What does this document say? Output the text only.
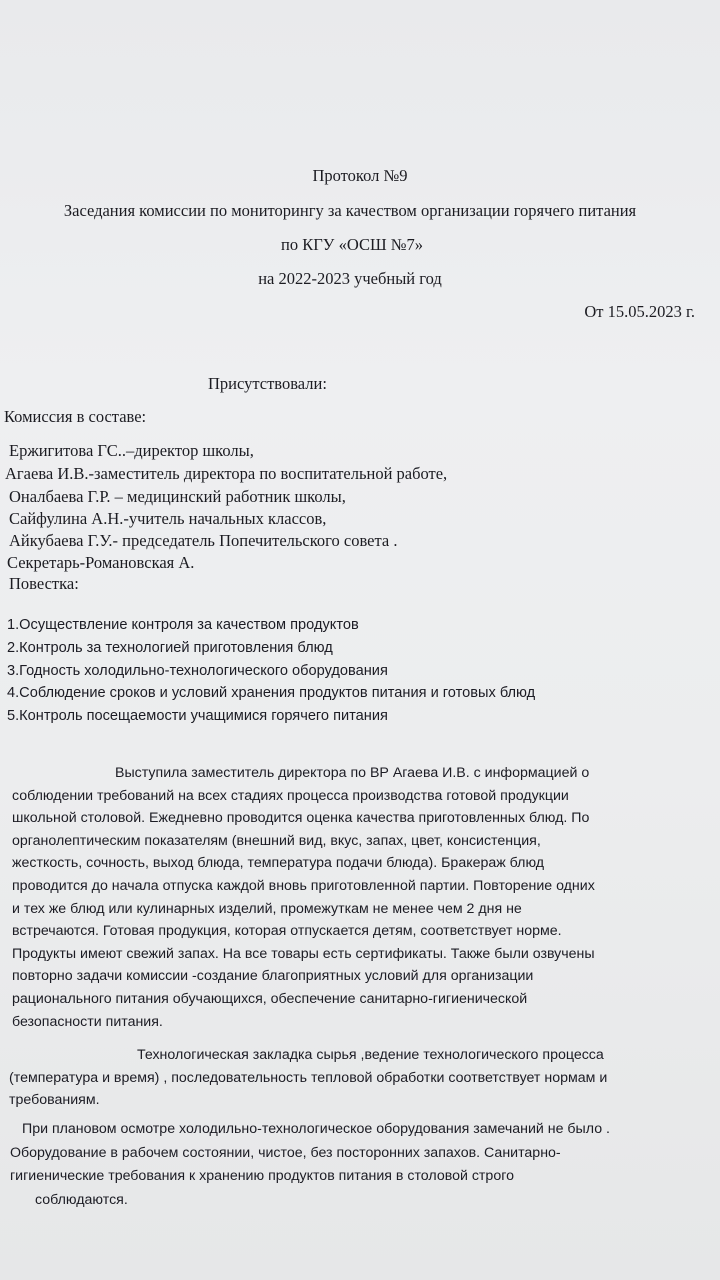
Протокол №9
Заседания комиссии по мониторингу за качеством организации горячего питания
по КГУ «ОСШ №7»
на 2022-2023 учебный год
От 15.05.2023 г.
Присутствовали:
Комиссия в составе:
Ержигитова ГС..–директор школы,
Агаева И.В.-заместитель директора по воспитательной работе,
Оналбаева Г.Р. – медицинский работник школы,
Сайфулина А.Н.-учитель начальных классов,
Айкубаева Г.У.- председатель Попечительского совета .
Секретарь-Романовская А.
Повестка:
1.Осуществление контроля за качеством продуктов
2.Контроль за технологией приготовления блюд
3.Годность холодильно-технологического оборудования
4.Соблюдение сроков и условий хранения продуктов питания и готовых блюд
5.Контроль посещаемости учащимися горячего питания
Выступила заместитель директора по ВР Агаева И.В. с информацией о
соблюдении требований на всех стадиях процесса производства готовой продукции
школьной столовой. Ежедневно проводится оценка качества приготовленных блюд. По
органолептическим показателям (внешний вид, вкус, запах, цвет, консистенция,
жесткость, сочность, выход блюда, температура подачи блюда). Бракераж блюд
проводится до начала отпуска каждой вновь приготовленной партии. Повторение одних
и тех же блюд или кулинарных изделий, промежуткам не менее чем 2 дня не
встречаются. Готовая продукция, которая отпускается детям, соответствует норме.
Продукты имеют свежий запах. На все товары есть сертификаты. Также были озвучены
повторно задачи комиссии -создание благоприятных условий для организации
рационального питания обучающихся, обеспечение санитарно-гигиенической
безопасности питания.
Технологическая закладка сырья ,ведение технологического процесса
(температура и время) , последовательность тепловой обработки соответствует нормам и
требованиям.
При плановом осмотре холодильно-технологическое оборудования замечаний не было .
Оборудование в рабочем состоянии, чистое, без посторонних запахов. Санитарно-
гигиенические требования к хранению продуктов питания в столовой строго
соблюдаются.
